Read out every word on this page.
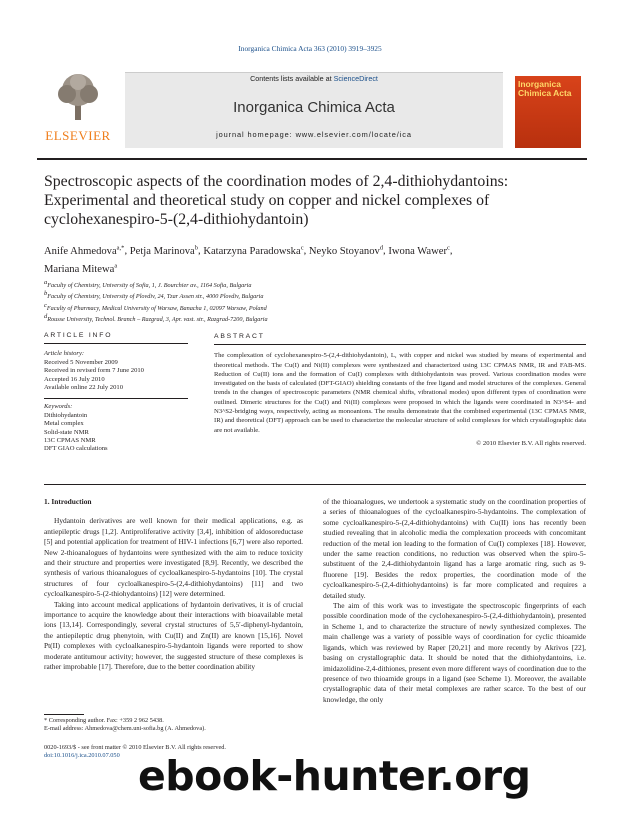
Inorganica Chimica Acta 363 (2010) 3919–3925
ELSEVIER
Contents lists available at ScienceDirect
Inorganica Chimica Acta
journal homepage: www.elsevier.com/locate/ica
Inorganica Chimica Acta
Spectroscopic aspects of the coordination modes of 2,4-dithiohydantoins: Experimental and theoretical study on copper and nickel complexes of cyclohexanespiro-5-(2,4-dithiohydantoin)
Anife Ahmedova$^{a,*}$, Petja Marinova$^b$, Katarzyna Paradowska$^c$, Neyko Stoyanov$^d$, Iwona Wawer$^c$,
Mariana Mitewa$^a$
$^a$Faculty of Chemistry, University of Sofia, 1, J. Bourchier av., 1164 Sofia, Bulgaria
$^b$Faculty of Chemistry, University of Plovdiv, 24, Tzar Assen str., 4000 Plovdiv, Bulgaria
$^c$Faculty of Pharmacy, Medical University of Warsaw, Banacha 1, 02097 Warsaw, Poland
$^d$Rousse University, Technol. Branch – Razgrad, 3, Apr. vast. str., Razgrad-7200, Bulgaria
ARTICLE INFO
Article history:
Received 5 November 2009
Received in revised form 7 June 2010
Accepted 16 July 2010
Available online 22 July 2010
Keywords:
Dithiohydantoin
Metal complex
Solid-state NMR
13C CPMAS NMR
DFT GIAO calculations
ABSTRACT
The complexation of cyclohexanespiro-5-(2,4-dithiohydantoin), L, with copper and nickel was studied by means of experimental and theoretical methods. The Cu(I) and Ni(II) complexes were synthesized and characterized using 13C CPMAS NMR, IR and FAB-MS. Reduction of Cu(II) ions and the formation of Cu(I) complexes with dithiohydantoin was proved. Various coordination modes were investigated on the basis of calculated (DFT-GIAO) shielding constants of the free ligand and model structures of the complexes. General trends in the changes of spectroscopic parameters (NMR chemical shifts, vibrational modes) upon different types of coordination were outlined. Dimeric structures for the Cu(I) and Ni(II) complexes were proposed in which the ligands were coordinated in N3^S4- and N3^S2-bridging ways, respectively, acting as monoanions. The results demonstrate that the combined experimental (13C CPMAS NMR, IR) and theoretical (DFT) approach can be used to characterize the molecular structure of solid complexes for which crystallographic data are not available.
© 2010 Elsevier B.V. All rights reserved.
1. Introduction

Hydantoin derivatives are well known for their medical applications, e.g. as antiepileptic drugs [1,2]. Antiproliferative activity [3,4], inhibition of aldosoreductase [5] and potential application for treatment of HIV-1 infections [6,7] were also reported. New 2-thioanalogues of hydantoins were synthesized with the aim to reduce toxicity and their structure and properties were investigated [8,9]. Recently, we described the synthesis of various thioanalogues of cycloalkanespiro-5-hydantoins [10]. The crystal structures of four cycloalkanespiro-5-(2,4-dithiohydantoins) [11] and two cycloalkanespiro-5-(2-thiohydantoins) [12] were determined.

Taking into account medical applications of hydantoin derivatives, it is of crucial importance to acquire the knowledge about their interactions with bioavailable metal ions [13,14]. Correspondingly, several crystal structures of 5,5′-diphenyl-hydantoin, the antiepileptic drug phenytoin, with Cu(II) and Zn(II) are known [15,16]. Novel Pt(II) complexes with cycloalkanespiro-5-hydantoin ligands were reported to show moderate antitumour activity; however, the suggested structure of these complexes is rather improbable [17]. Therefore, due to the better coordination ability

of the thioanalogues, we undertook a systematic study on the coordination properties of a series of thioanalogues of the cycloalkanespiro-5-hydantoins. The complexation of some cycloalkanespiro-5-(2,4-dithiohydantoins) with Cu(II) ions has recently been studied revealing that in alcoholic media the complexation proceeds with concomitant reduction of the metal ion leading to the formation of Cu(I) complexes [18]. However, under the same reaction conditions, no reduction was observed when the spiro-5-substituent of the 2,4-dithiohydantoin ligand has a large aromatic ring, such as 9-fluorene [19]. Besides the redox properties, the coordination mode of the cycloalkanespiro-5-(2,4-dithiohydantoins) is far more complicated and requires a detailed study.

The aim of this work was to investigate the spectroscopic fingerprints of each possible coordination mode of the cyclohexanespiro-5-(2,4-dithiohydantoin), presented in Scheme 1, and to characterize the structure of newly synthesized complexes. The main challenge was a variety of possible ways of coordination for cyclic thioamide ligands, which was reviewed by Raper [20,21] and more recently by Akrivos [22], basing on crystallographic data. It should be noted that the dithiohydantoins, i.e. imidazolidine-2,4-dithiones, present even more different ways of coordination due to the presence of two thioamide groups in a ligand (see Scheme 1). Moreover, the available crystallographic data of their metal complexes are rather scarce. To the best of our knowledge, the only

* Corresponding author. Fax: +359 2 962 5438.
E-mail address: Ahmedova@chem.uni-sofia.bg (A. Ahmedova).
0020-1693/$ - see front matter © 2010 Elsevier B.V. All rights reserved.
doi:10.1016/j.ica.2010.07.050 ebook-hunter.org
